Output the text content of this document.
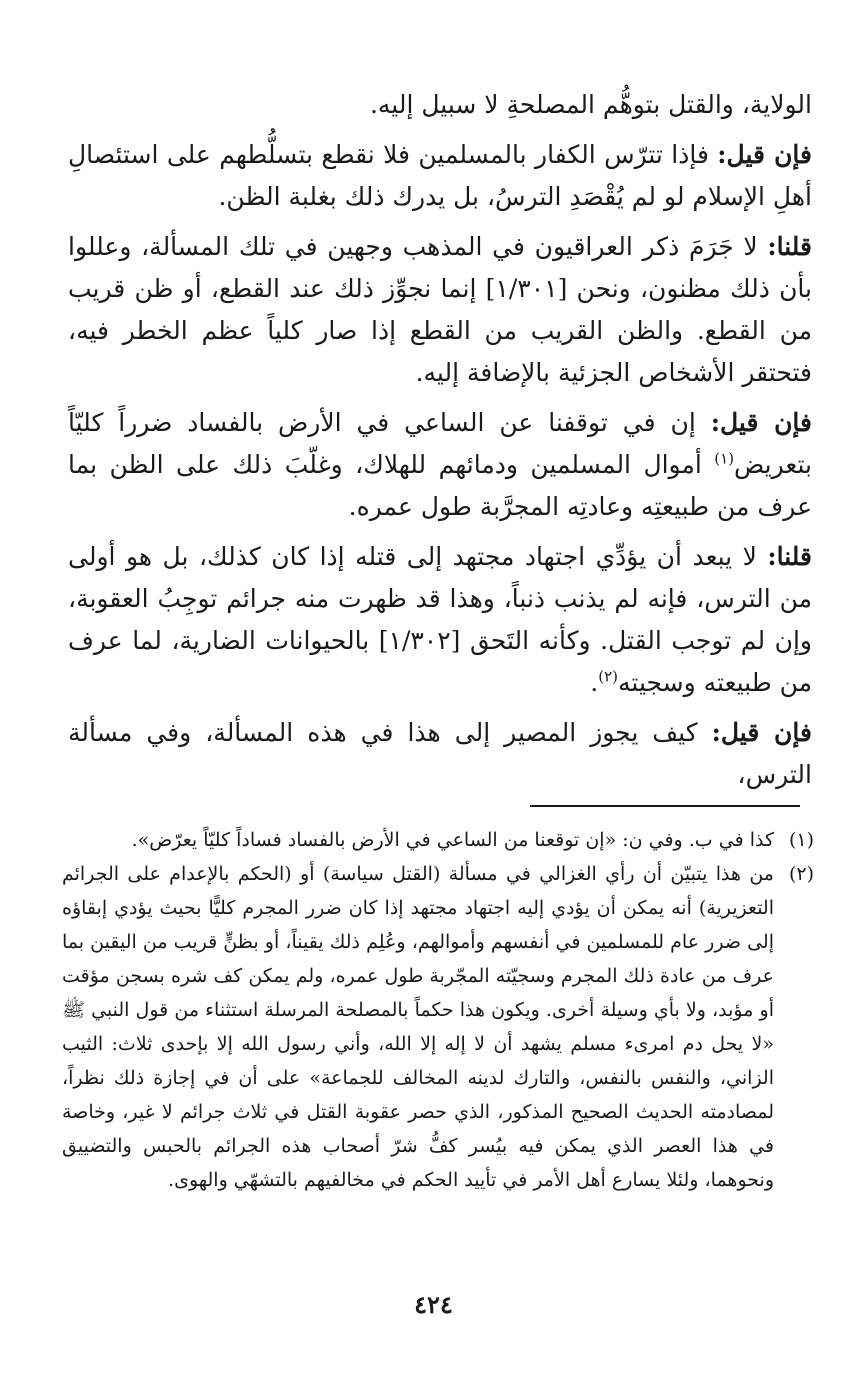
الولاية، والقتل بتوهُّم المصلحةِ لا سبيل إليه.

فإن قيل: فإذا تترّس الكفار بالمسلمين فلا نقطع بتسلُّطهم على استئصالِ أهلِ الإسلام لو لم يُقْصَدِ الترسُ، بل يدرك ذلك بغلبة الظن.

قلنا: لا جَرَمَ ذكر العراقيون في المذهب وجهين في تلك المسألة، وعللوا بأن ذلك مظنون، ونحن [١/٣٠١] إنما نجوِّز ذلك عند القطع، أو ظن قريب من القطع. والظن القريب من القطع إذا صار كلياً عظم الخطر فيه، فتحتقر الأشخاص الجزئية بالإضافة إليه.

فإن قيل: إن في توقفنا عن الساعي في الأرض بالفساد ضرراً كليّاً بتعريض$^{(١)}$ أموال المسلمين ودمائهم للهلاك، وغلّبَ ذلك على الظن بما عرف من طبيعتِه وعادتِه المجرَّبة طول عمره.

قلنا: لا يبعد أن يؤدِّي اجتهاد مجتهد إلى قتله إذا كان كذلك، بل هو أولى من الترس، فإنه لم يذنب ذنباً، وهذا قد ظهرت منه جرائم توجِبُ العقوبة، وإن لم توجب القتل. وكأنه التَحق [١/٣٠٢] بالحيوانات الضارية، لما عرف من طبيعته وسجيته$^{(٢)}$.

فإن قيل: كيف يجوز المصير إلى هذا في هذه المسألة، وفي مسألة الترس،

(١)
كذا في ب. وفي ن: «إن توقعنا من الساعي في الأرض بالفساد فساداً كليّاً يعرّض».
(٢)
من هذا يتبيّن أن رأي الغزالي في مسألة (القتل سياسة) أو (الحكم بالإعدام على الجرائم التعزيرية) أنه يمكن أن يؤدي إليه اجتهاد مجتهد إذا كان ضرر المجرم كليًّا بحيث يؤدي إبقاؤه إلى ضرر عام للمسلمين في أنفسهم وأموالهم، وعُلِم ذلك يقيناً، أو بظنٍّ قريب من اليقين بما عرف من عادة ذلك المجرم وسجيّته المجّربة طول عمره، ولم يمكن كف شره بسجن مؤقت أو مؤبد، ولا بأي وسيلة أخرى. ويكون هذا حكماً بالمصلحة المرسلة استثناء من قول النبي ﷺ «لا يحل دم امرىء مسلم يشهد أن لا إله إلا الله، وأني رسول الله إلا بإحدى ثلاث: الثيب الزاني، والنفس بالنفس، والتارك لدينه المخالف للجماعة» على أن في إجازة ذلك نظراً، لمصادمته الحديث الصحيح المذكور، الذي حصر عقوبة القتل في ثلاث جرائم لا غير، وخاصة في هذا العصر الذي يمكن فيه بيُسر كفُّ شرّ أصحاب هذه الجرائم بالحبس والتضييق ونحوهما، ولئلا يسارع أهل الأمر في تأييد الحكم في مخالفيهم بالتشهّي والهوى.
٤٢٤
